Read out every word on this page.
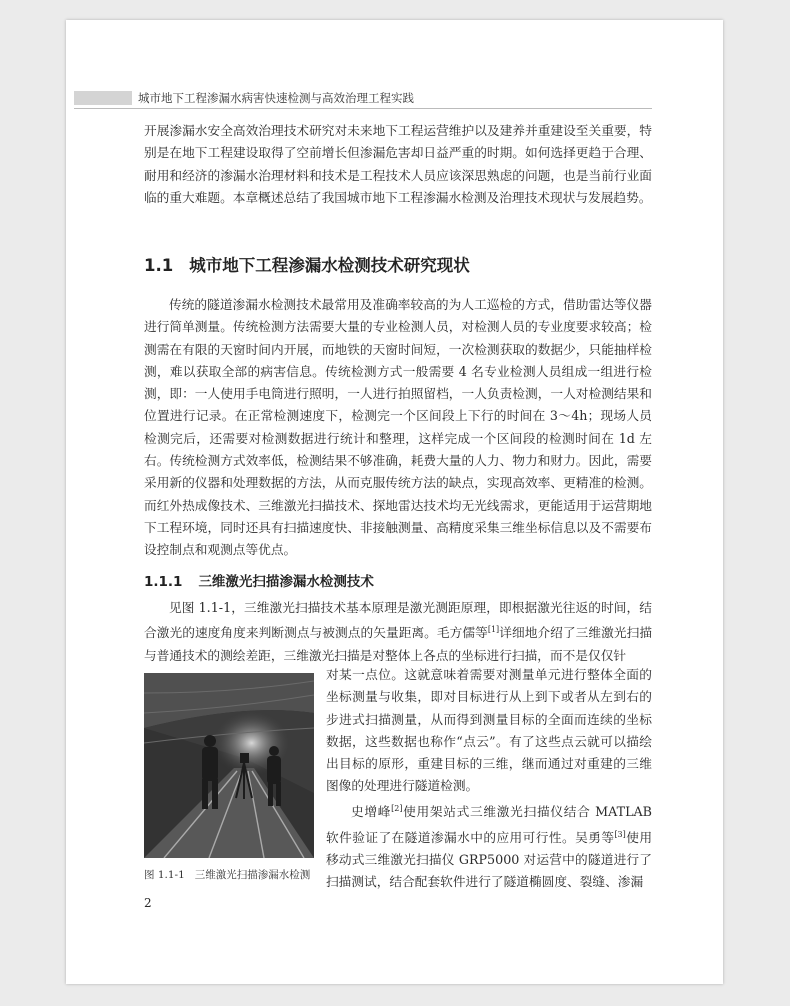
城市地下工程渗漏水病害快速检测与高效治理工程实践

开展渗漏水安全高效治理技术研究对未来地下工程运营维护以及建养并重建设至关重要，特别是在地下工程建设取得了空前增长但渗漏危害却日益严重的时期。如何选择更趋于合理、耐用和经济的渗漏水治理材料和技术是工程技术人员应该深思熟虑的问题，也是当前行业面临的重大难题。本章概述总结了我国城市地下工程渗漏水检测及治理技术现状与发展趋势。

1.1 城市地下工程渗漏水检测技术研究现状

传统的隧道渗漏水检测技术最常用及准确率较高的为人工巡检的方式，借助雷达等仪器进行简单测量。传统检测方法需要大量的专业检测人员，对检测人员的专业度要求较高；检测需在有限的天窗时间内开展，而地铁的天窗时间短，一次检测获取的数据少，只能抽样检测，难以获取全部的病害信息。传统检测方式一般需要 4 名专业检测人员组成一组进行检测，即：一人使用手电筒进行照明，一人进行拍照留档，一人负责检测，一人对检测结果和位置进行记录。在正常检测速度下，检测完一个区间段上下行的时间在 3～4h；现场人员检测完后，还需要对检测数据进行统计和整理，这样完成一个区间段的检测时间在 1d 左右。传统检测方式效率低，检测结果不够准确，耗费大量的人力、物力和财力。因此，需要采用新的仪器和处理数据的方法，从而克服传统方法的缺点，实现高效率、更精准的检测。而红外热成像技术、三维激光扫描技术、探地雷达技术均无光线需求，更能适用于运营期地下工程环境，同时还具有扫描速度快、非接触测量、高精度采集三维坐标信息以及不需要布设控制点和观测点等优点。

1.1.1 三维激光扫描渗漏水检测技术

见图 1.1-1，三维激光扫描技术基本原理是激光测距原理，即根据激光往返的时间，结合激光的速度角度来判断测点与被测点的矢量距离。毛方儒等[1]详细地介绍了三维激光扫描与普通技术的测绘差距，三维激光扫描是对整体上各点的坐标进行扫描，而不是仅仅针

图 1.1-1 三维激光扫描渗漏水检测

对某一点位。这就意味着需要对测量单元进行整体全面的坐标测量与收集，即对目标进行从上到下或者从左到右的步进式扫描测量，从而得到测量目标的全面而连续的坐标数据，这些数据也称作“点云”。有了这些点云就可以描绘出目标的原形，重建目标的三维，继而通过对重建的三维图像的处理进行隧道检测。

史增峰[2]使用架站式三维激光扫描仪结合 MATLAB 软件验证了在隧道渗漏水中的应用可行性。吴勇等[3]使用移动式三维激光扫描仪 GRP5000 对运营中的隧道进行了扫描测试，结合配套软件进行了隧道椭圆度、裂缝、渗漏

2
